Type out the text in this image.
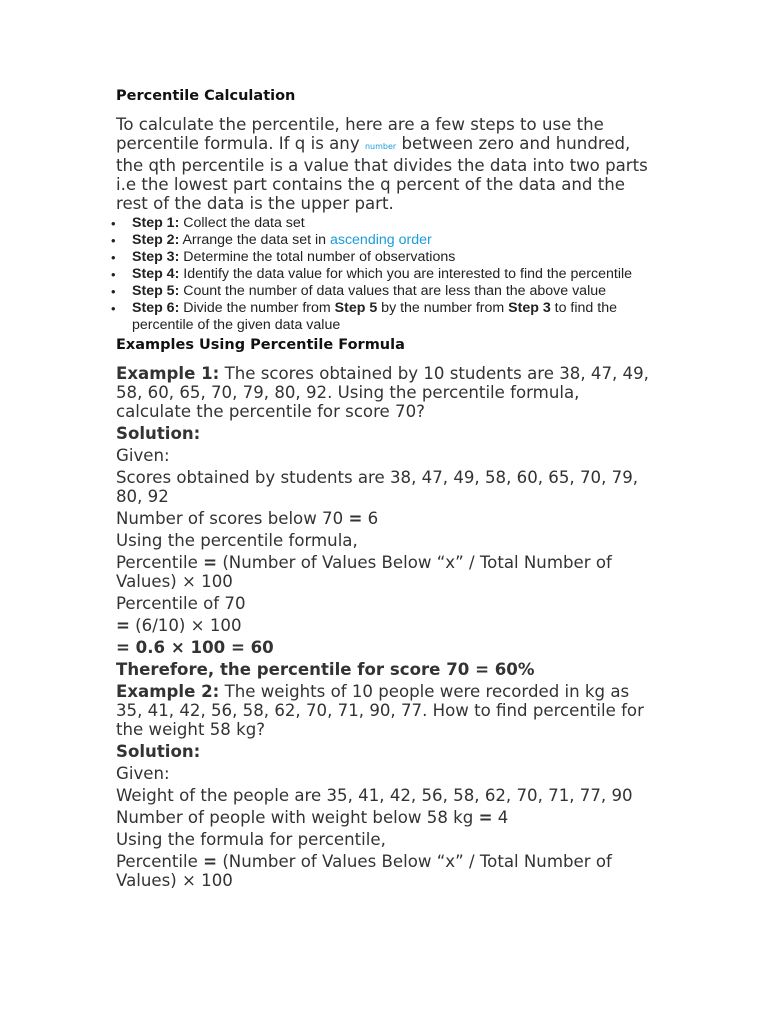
Percentile Calculation

To calculate the percentile, here are a few steps to use the percentile formula. If q is any number between zero and hundred, the qth percentile is a value that divides the data into two parts i.e the lowest part contains the q percent of the data and the rest of the data is the upper part.

• Step 1: Collect the data set
• Step 2: Arrange the data set in ascending order
• Step 3: Determine the total number of observations
• Step 4: Identify the data value for which you are interested to find the percentile
• Step 5: Count the number of data values that are less than the above value
• Step 6: Divide the number from Step 5 by the number from Step 3 to find the percentile of the given data value

Examples Using Percentile Formula

Example 1: The scores obtained by 10 students are 38, 47, 49, 58, 60, 65, 70, 79, 80, 92. Using the percentile formula, calculate the percentile for score 70?

Solution:

Given:

Scores obtained by students are 38, 47, 49, 58, 60, 65, 70, 79, 80, 92

Number of scores below 70 = 6

Using the percentile formula,

Percentile = (Number of Values Below “x” / Total Number of Values) × 100

Percentile of 70

= (6/10) × 100

= 0.6 × 100 = 60

Therefore, the percentile for score 70 = 60%

Example 2: The weights of 10 people were recorded in kg as 35, 41, 42, 56, 58, 62, 70, 71, 90, 77. How to find percentile for the weight 58 kg?

Solution:

Given:

Weight of the people are 35, 41, 42, 56, 58, 62, 70, 71, 77, 90

Number of people with weight below 58 kg = 4

Using the formula for percentile,

Percentile = (Number of Values Below “x” / Total Number of Values) × 100
